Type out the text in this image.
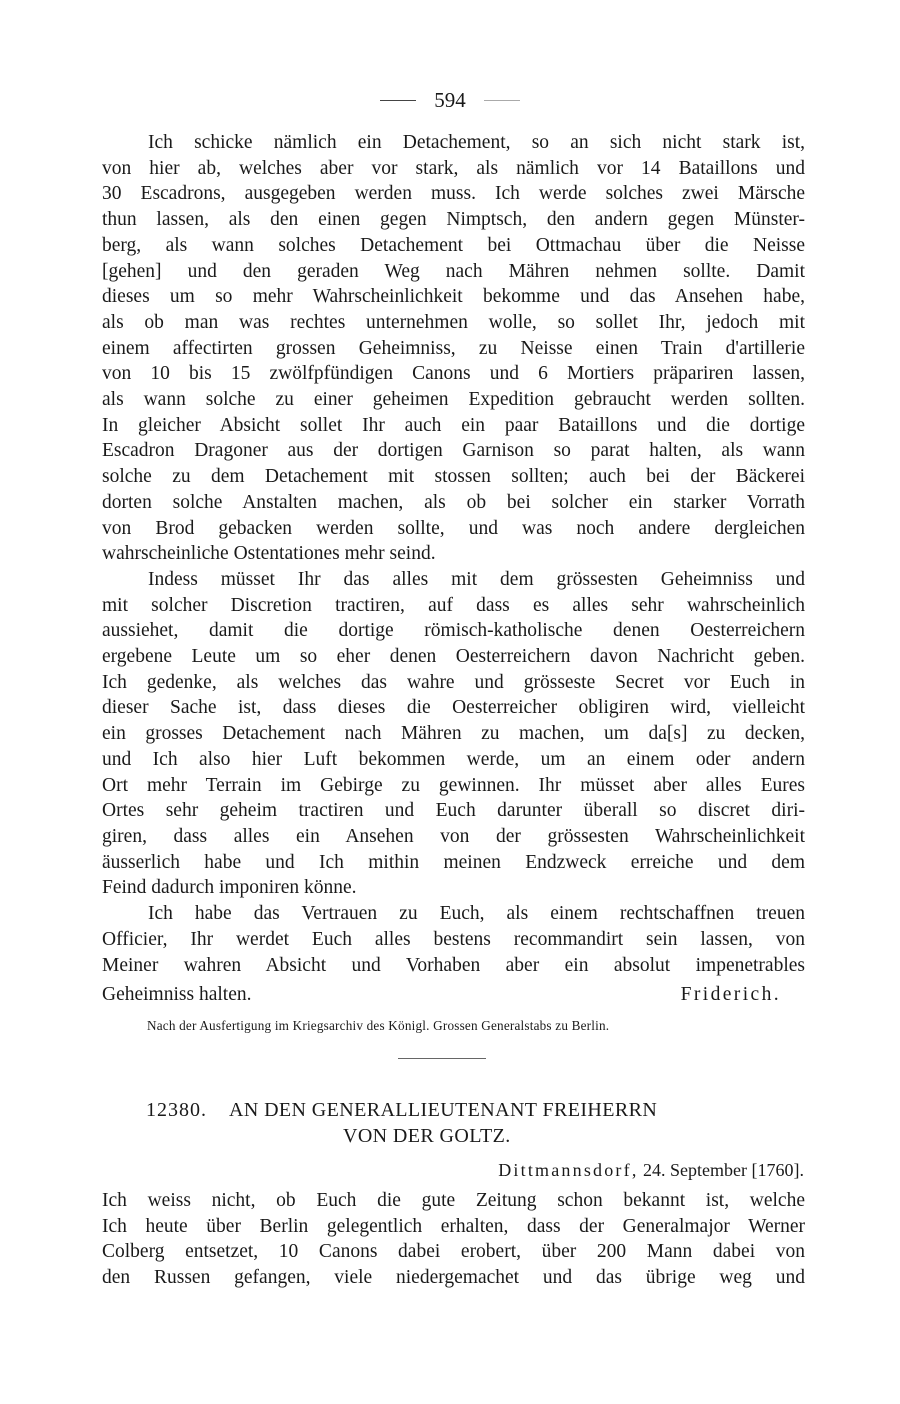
594
Ich schicke nämlich ein Detachement, so an sich nicht stark ist,
von hier ab, welches aber vor stark, als nämlich vor 14 Bataillons und
30 Escadrons, ausgegeben werden muss. Ich werde solches zwei Märsche
thun lassen, als den einen gegen Nimptsch, den andern gegen Münster-
berg, als wann solches Detachement bei Ottmachau über die Neisse
[gehen] und den geraden Weg nach Mähren nehmen sollte. Damit
dieses um so mehr Wahrscheinlichkeit bekomme und das Ansehen habe,
als ob man was rechtes unternehmen wolle, so sollet Ihr, jedoch mit
einem affectirten grossen Geheimniss, zu Neisse einen Train d'artillerie
von 10 bis 15 zwölfpfündigen Canons und 6 Mortiers präpariren lassen,
als wann solche zu einer geheimen Expedition gebraucht werden sollten.
In gleicher Absicht sollet Ihr auch ein paar Bataillons und die dortige
Escadron Dragoner aus der dortigen Garnison so parat halten, als wann
solche zu dem Detachement mit stossen sollten; auch bei der Bäckerei
dorten solche Anstalten machen, als ob bei solcher ein starker Vorrath
von Brod gebacken werden sollte, und was noch andere dergleichen
wahrscheinliche Ostentationes mehr seind.
Indess müsset Ihr das alles mit dem grössesten Geheimniss und
mit solcher Discretion tractiren, auf dass es alles sehr wahrscheinlich
aussiehet, damit die dortige römisch-katholische denen Oesterreichern
ergebene Leute um so eher denen Oesterreichern davon Nachricht geben.
Ich gedenke, als welches das wahre und grösseste Secret vor Euch in
dieser Sache ist, dass dieses die Oesterreicher obligiren wird, vielleicht
ein grosses Detachement nach Mähren zu machen, um da[s] zu decken,
und Ich also hier Luft bekommen werde, um an einem oder andern
Ort mehr Terrain im Gebirge zu gewinnen. Ihr müsset aber alles Eures
Ortes sehr geheim tractiren und Euch darunter überall so discret diri-
giren, dass alles ein Ansehen von der grössesten Wahrscheinlichkeit
äusserlich habe und Ich mithin meinen Endzweck erreiche und dem
Feind dadurch imponiren könne.
Ich habe das Vertrauen zu Euch, als einem rechtschaffnen treuen
Officier, Ihr werdet Euch alles bestens recommandirt sein lassen, von
Meiner wahren Absicht und Vorhaben aber ein absolut impenetrables
Geheimniss halten.	Friderich.
Nach der Ausfertigung im Kriegsarchiv des Königl. Grossen Generalstabs zu Berlin.
12380. AN DEN GENERALLIEUTENANT FREIHERRN
VON DER GOLTZ.
Dittmannsdorf, 24. September [1760].
Ich weiss nicht, ob Euch die gute Zeitung schon bekannt ist, welche
Ich heute über Berlin gelegentlich erhalten, dass der Generalmajor Werner
Colberg entsetzet, 10 Canons dabei erobert, über 200 Mann dabei von
den Russen gefangen, viele niedergemachet und das übrige weg und
